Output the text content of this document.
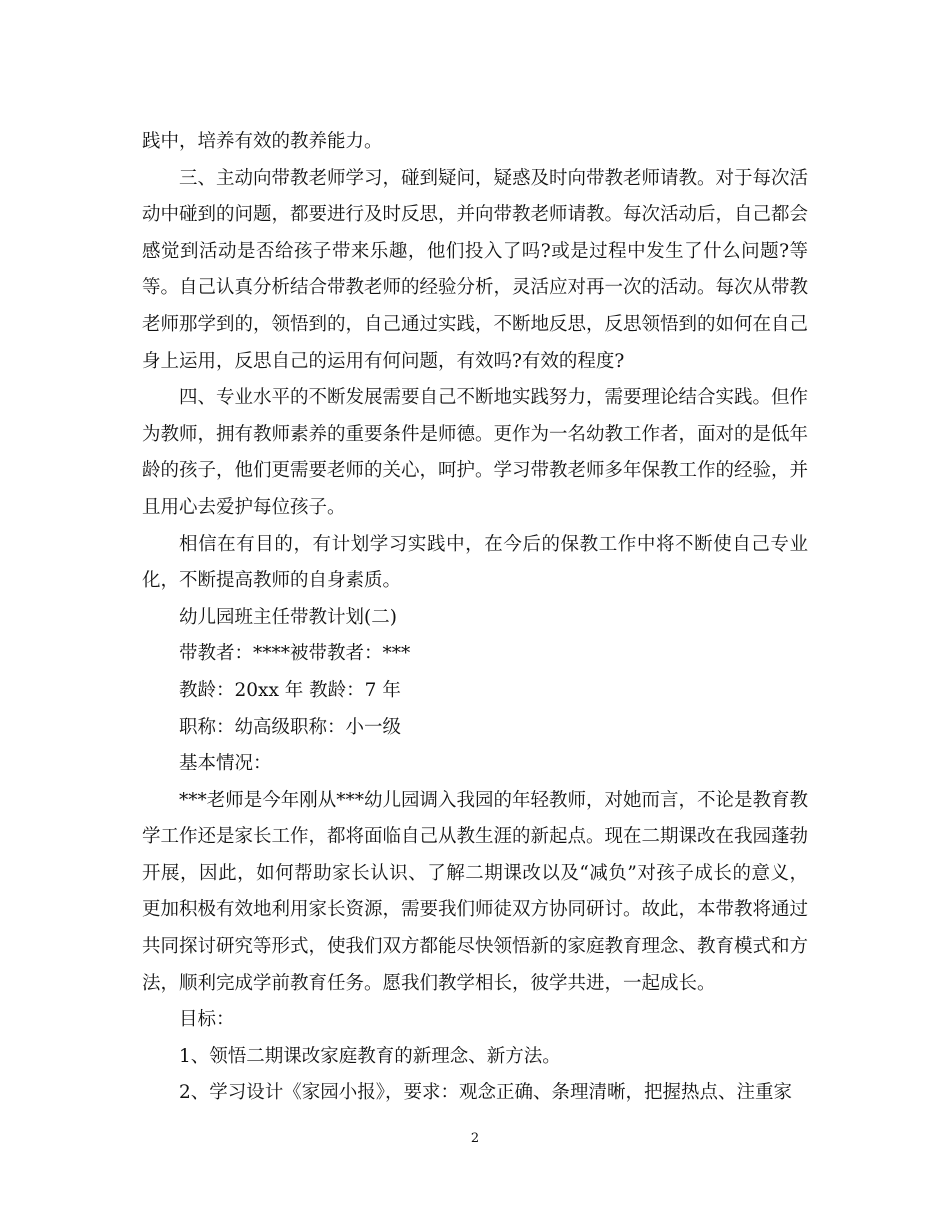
践中，培养有效的教养能力。

三、主动向带教老师学习，碰到疑问，疑惑及时向带教老师请教。对于每次活动中碰到的问题，都要进行及时反思，并向带教老师请教。每次活动后，自己都会感觉到活动是否给孩子带来乐趣，他们投入了吗?或是过程中发生了什么问题?等等。自己认真分析结合带教老师的经验分析，灵活应对再一次的活动。每次从带教老师那学到的，领悟到的，自己通过实践，不断地反思，反思领悟到的如何在自己身上运用，反思自己的运用有何问题，有效吗?有效的程度?

四、专业水平的不断发展需要自己不断地实践努力，需要理论结合实践。但作为教师，拥有教师素养的重要条件是师德。更作为一名幼教工作者，面对的是低年龄的孩子，他们更需要老师的关心，呵护。学习带教老师多年保教工作的经验，并且用心去爱护每位孩子。

相信在有目的，有计划学习实践中，在今后的保教工作中将不断使自己专业化，不断提高教师的自身素质。

幼儿园班主任带教计划(二)

带教者：****被带教者：***

教龄：20xx 年 教龄：7 年

职称：幼高级职称：小一级

基本情况：

***老师是今年刚从***幼儿园调入我园的年轻教师，对她而言，不论是教育教学工作还是家长工作，都将面临自己从教生涯的新起点。现在二期课改在我园蓬勃开展，因此，如何帮助家长认识、了解二期课改以及“减负”对孩子成长的意义，更加积极有效地利用家长资源，需要我们师徒双方协同研讨。故此，本带教将通过共同探讨研究等形式，使我们双方都能尽快领悟新的家庭教育理念、教育模式和方法，顺利完成学前教育任务。愿我们教学相长，彼学共进，一起成长。

目标：

1、领悟二期课改家庭教育的新理念、新方法。

2、学习设计《家园小报》，要求：观念正确、条理清晰，把握热点、注重家

2
